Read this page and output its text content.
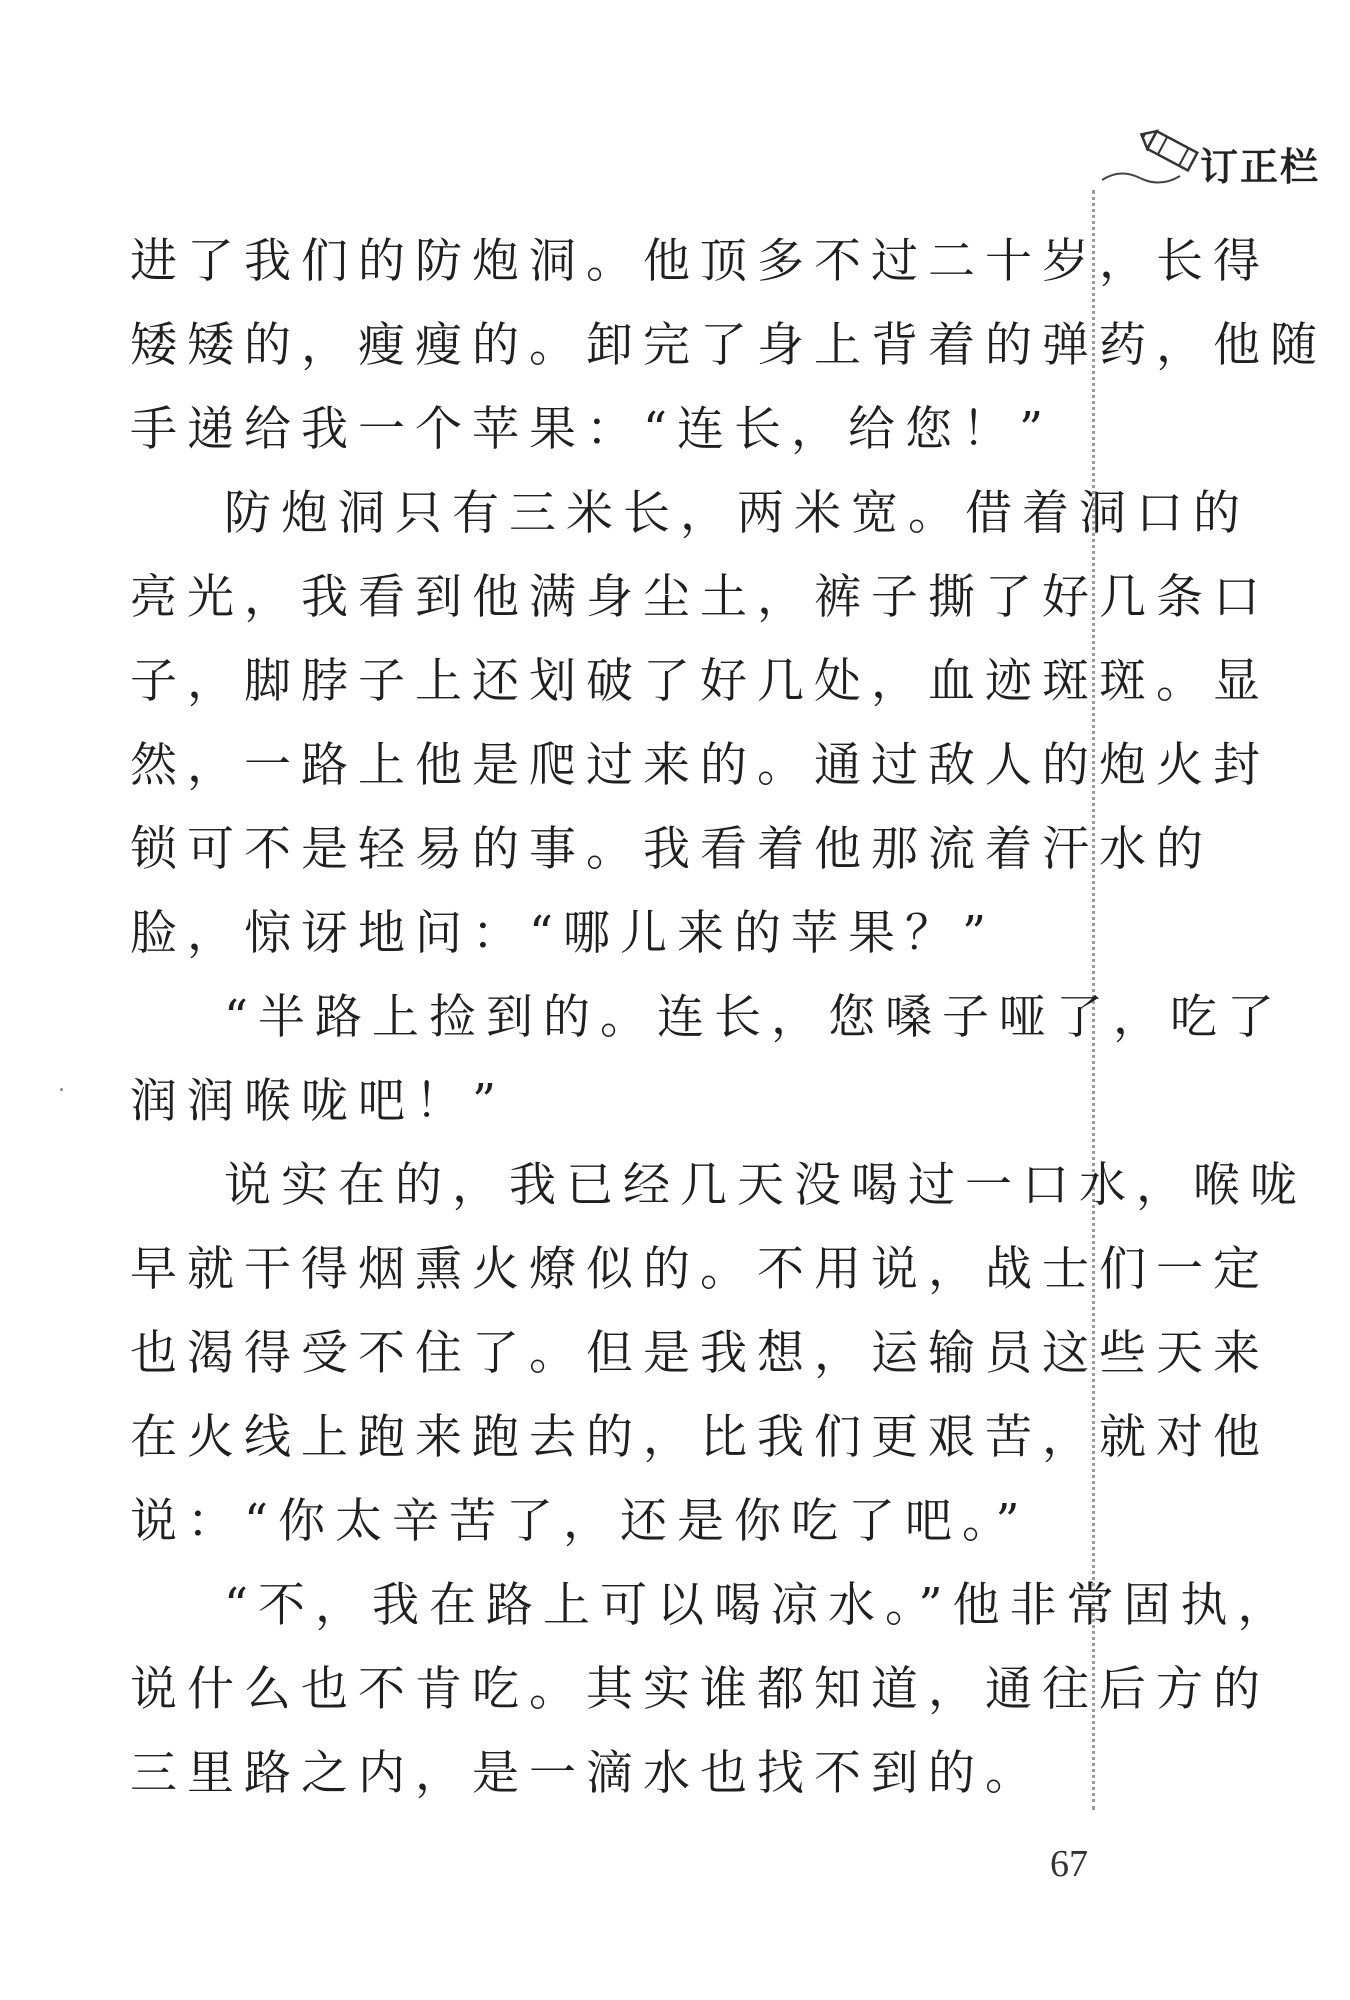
订正栏
进了我们的防炮洞。他顶多不过二十岁，长得
矮矮的，瘦瘦的。卸完了身上背着的弹药，他随
手递给我一个苹果：“连长，给您！”
防炮洞只有三米长，两米宽。借着洞口的
亮光，我看到他满身尘土，裤子撕了好几条口
子，脚脖子上还划破了好几处，血迹斑斑。显
然，一路上他是爬过来的。通过敌人的炮火封
锁可不是轻易的事。我看着他那流着汗水的
脸，惊讶地问：“哪儿来的苹果？”
“半路上捡到的。连长，您嗓子哑了，吃了
润润喉咙吧！”
说实在的，我已经几天没喝过一口水，喉咙
早就干得烟熏火燎似的。不用说，战士们一定
也渴得受不住了。但是我想，运输员这些天来
在火线上跑来跑去的，比我们更艰苦，就对他
说：“你太辛苦了，还是你吃了吧。”
“不，我在路上可以喝凉水。”他非常固执，
说什么也不肯吃。其实谁都知道，通往后方的
三里路之内，是一滴水也找不到的。
67
